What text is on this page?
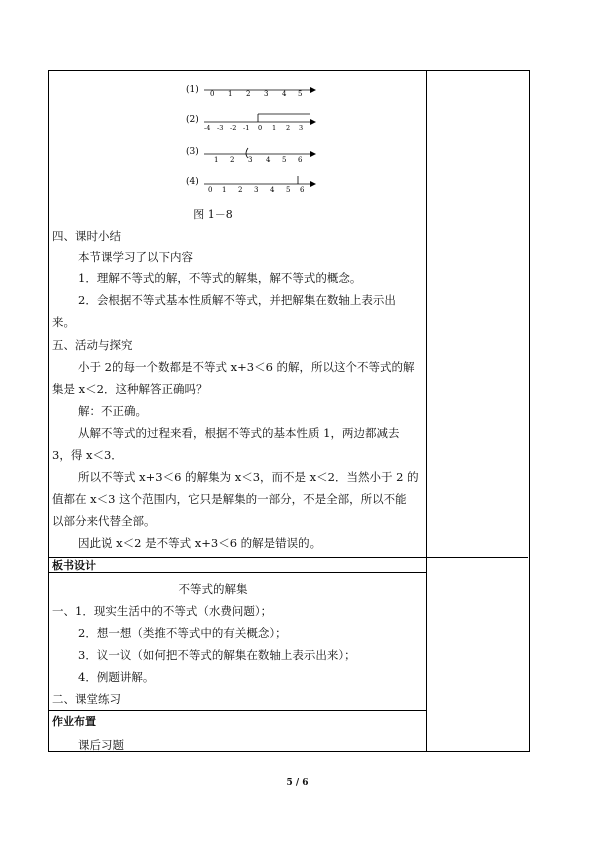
(1) 0 1 2 3 4 5
(2)
-4 -3 -2 -1 0 1 2 3
(3)
1 2 3 4 5 6
(4)
0 1 2 3 4 5 6
图 1－8
四、课时小结
本节课学习了以下内容
1．理解不等式的解，不等式的解集，解不等式的概念。
2．会根据不等式基本性质解不等式，并把解集在数轴上表示出
来。
五、活动与探究
小于 2的每一个数都是不等式 x+3＜6 的解，所以这个不等式的解
集是 x＜2．这种解答正确吗？
解：不正确。
从解不等式的过程来看，根据不等式的基本性质 1，两边都减去
3，得 x＜3．
所以不等式 x+3＜6 的解集为 x＜3，而不是 x＜2．当然小于 2 的
值都在 x＜3 这个范围内，它只是解集的一部分，不是全部，所以不能
以部分来代替全部。
因此说 x＜2 是不等式 x+3＜6 的解是错误的。
板书设计
不等式的解集
一、1．现实生活中的不等式（水费问题）；
2．想一想（类推不等式中的有关概念）；
3．议一议（如何把不等式的解集在数轴上表示出来）；
4．例题讲解。
二、课堂练习
作业布置
课后习题
5 / 6
